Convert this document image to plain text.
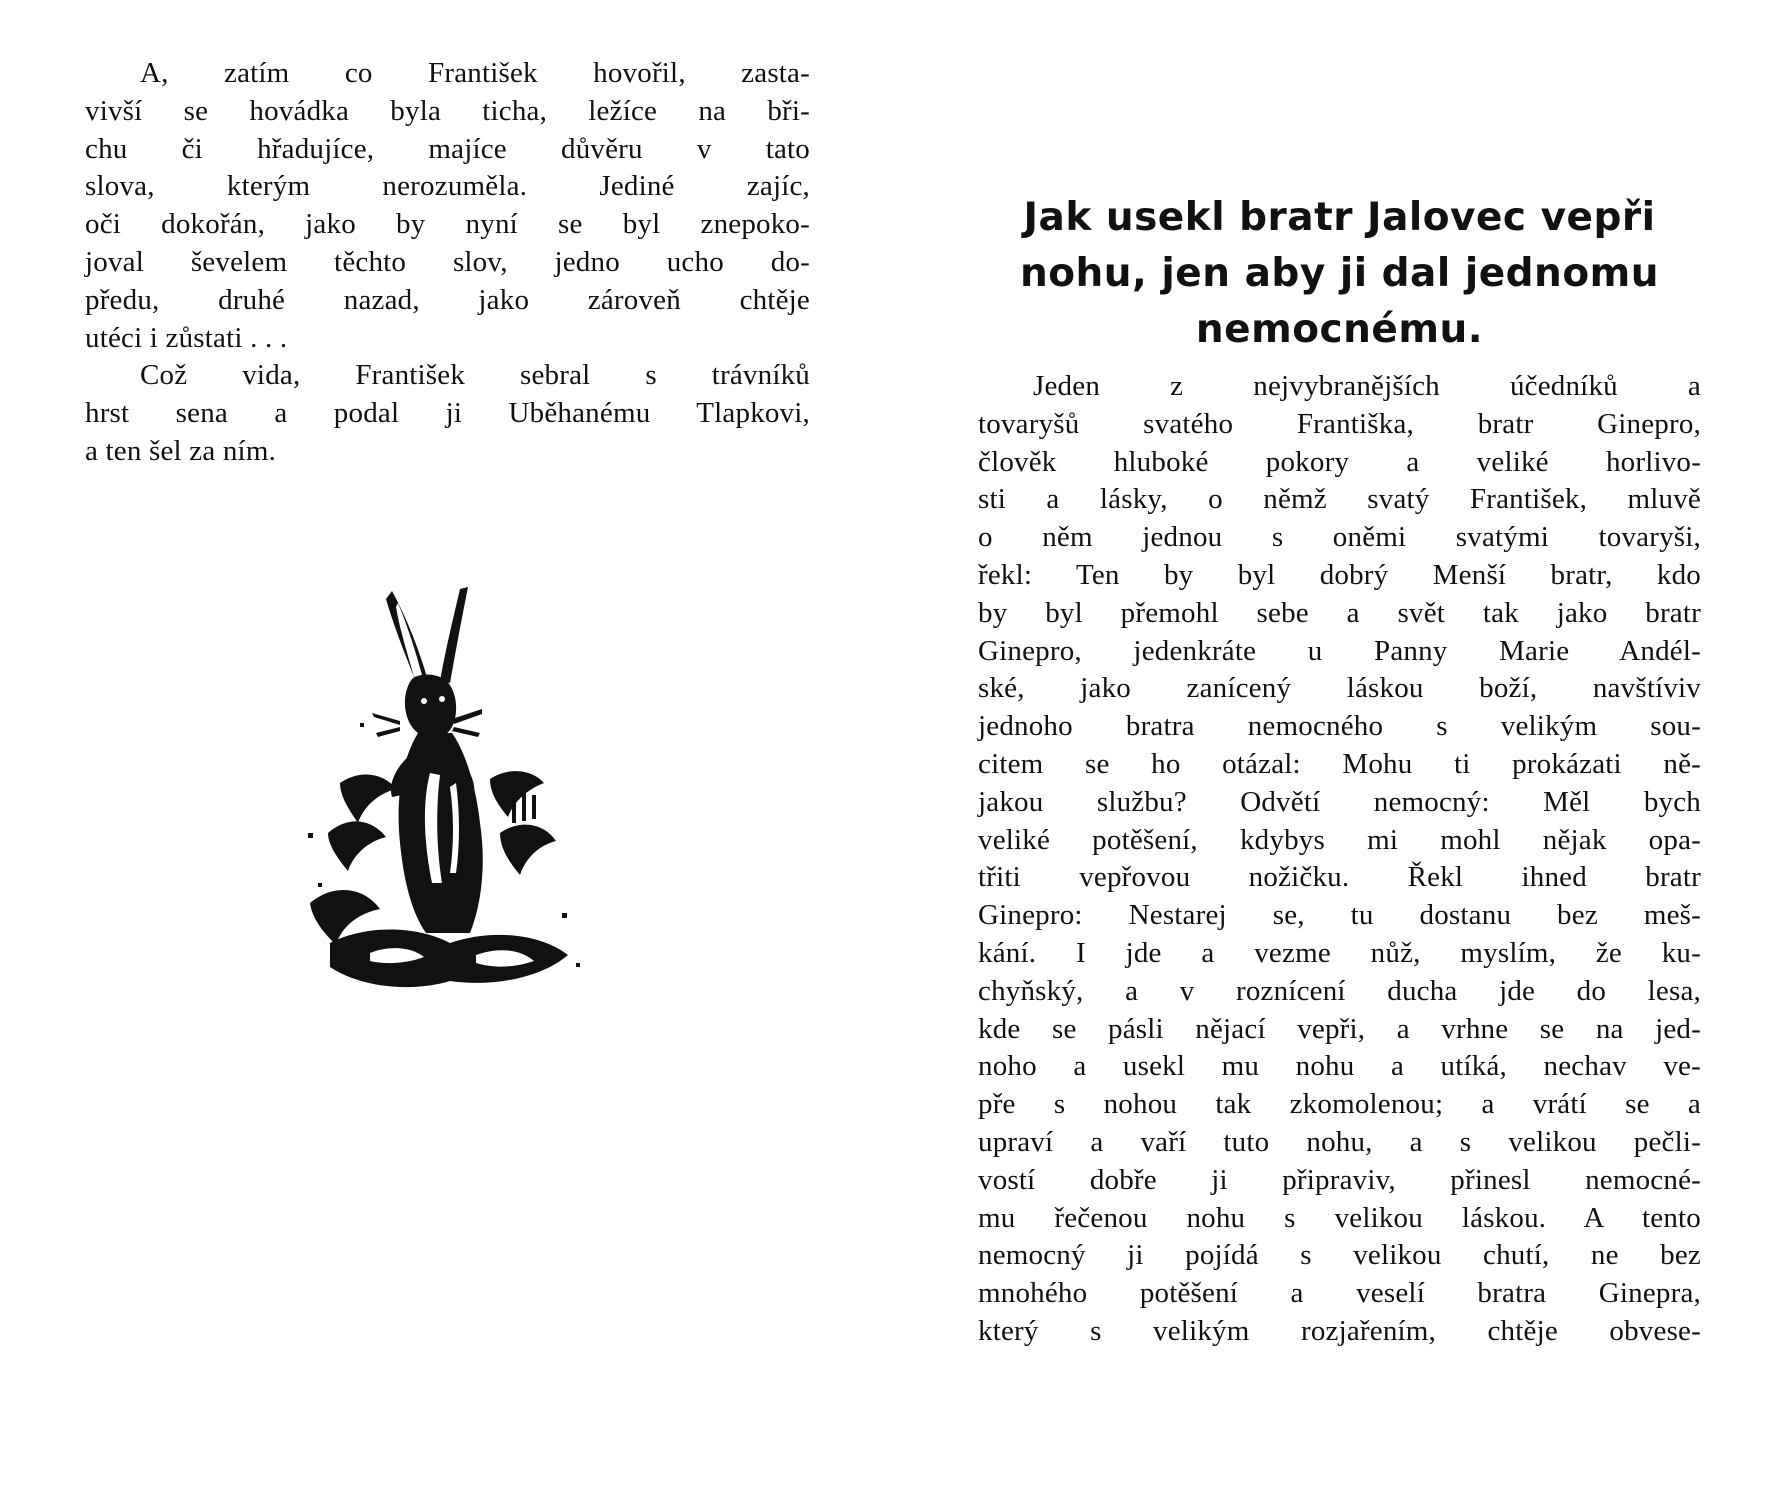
A, zatím co František hovořil, zasta-
vivší se hovádka byla ticha, ležíce na bři-
chu či hřadujíce, majíce důvěru v tato
slova, kterým nerozuměla. Jediné zajíc,
oči dokořán, jako by nyní se byl znepoko-
joval ševelem těchto slov, jedno ucho do-
předu, druhé nazad, jako zároveň chtěje
utéci i zůstati . . .

Což vida, František sebral s trávníků
hrst sena a podal ji Uběhanému Tlapkovi,
a ten šel za ním.

Jak usekl bratr Jalovec vepři
nohu, jen aby ji dal jednomu
nemocnému.

Jeden z nejvybranějších účedníků a
tovaryšů svatého Františka, bratr Ginepro,
člověk hluboké pokory a veliké horlivo-
sti a lásky, o němž svatý František, mluvě
o něm jednou s oněmi svatými tovaryši,
řekl: Ten by byl dobrý Menší bratr, kdo
by byl přemohl sebe a svět tak jako bratr
Ginepro, jedenkráte u Panny Marie Andél-
ské, jako zanícený láskou boží, navštíviv
jednoho bratra nemocného s velikým sou-
citem se ho otázal: Mohu ti prokázati ně-
jakou službu? Odvětí nemocný: Měl bych
veliké potěšení, kdybys mi mohl nějak opa-
třiti vepřovou nožičku. Řekl ihned bratr
Ginepro: Nestarej se, tu dostanu bez meš-
kání. I jde a vezme nůž, myslím, že ku-
chyňský, a v roznícení ducha jde do lesa,
kde se pásli nějací vepři, a vrhne se na jed-
noho a usekl mu nohu a utíká, nechav ve-
pře s nohou tak zkomolenou; a vrátí se a
upraví a vaří tuto nohu, a s velikou pečli-
vostí dobře ji připraviv, přinesl nemocné-
mu řečenou nohu s velikou láskou. A tento
nemocný ji pojídá s velikou chutí, ne bez
mnohého potěšení a veselí bratra Ginepra,
který s velikým rozjařením, chtěje obvese-
